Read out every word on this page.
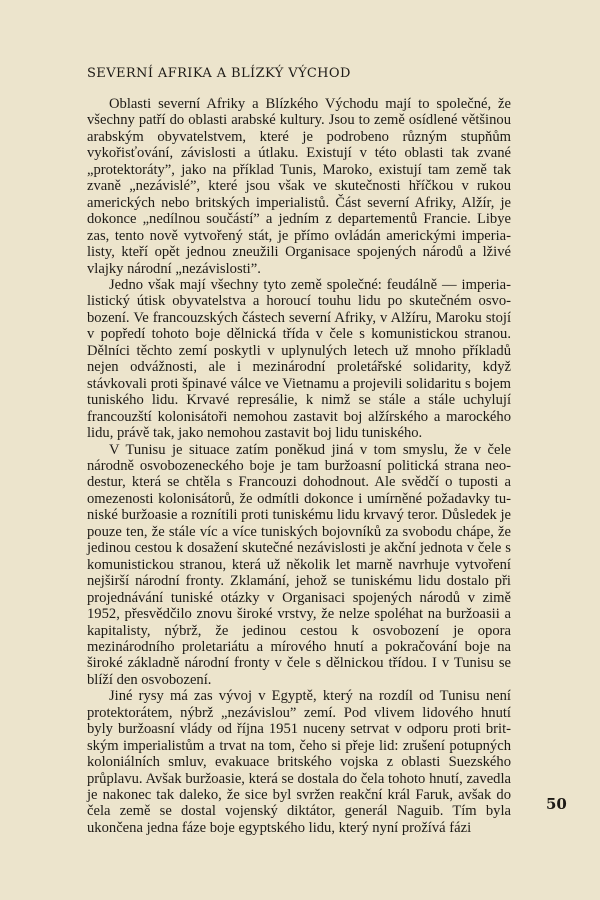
SEVERNÍ AFRIKA A BLÍZKÝ VÝCHOD

Oblasti severní Afriky a Blízkého Východu mají to společné, že všechny patří do oblasti arabské kultury. Jsou to země osídlené většinou arabským obyvatelstvem, které je podrobeno různým stupňům vykořisťování, závislosti a útlaku. Existují v této oblasti tak zvané „protektoráty”, jako na příklad Tunis, Maroko, existují tam země tak zvaně „nezávislé”, které jsou však ve skutečnosti hříčkou v rukou amerických nebo britských imperialistů. Část severní Afriky, Alžír, je dokonce „nedílnou součástí” a jedním z departementů Francie. Libye zas, tento nově vytvořený stát, je přímo ovládán americkými imperialisty, kteří opět jednou zneužili Organisace spojených národů a lživé vlajky národní „nezávislosti”.

Jedno však mají všechny tyto země společné: feudálně — imperialistický útisk obyvatelstva a horoucí touhu lidu po skutečném osvobození. Ve francouzských částech severní Afriky, v Alžíru, Maroku stojí v popředí tohoto boje dělnická třída v čele s komunistickou stranou. Dělníci těchto zemí poskytli v uplynulých letech už mnoho příkladů nejen odvážnosti, ale i mezinárodní proletářské solidarity, když stávkovali proti špinavé válce ve Vietnamu a projevili solidaritu s bojem tuniského lidu. Krvavé represálie, k nimž se stále a stále uchylují francouzští kolonisátoři nemohou zastavit boj alžírského a marockého lidu, právě tak, jako nemohou zastavit boj lidu tuniského.

V Tunisu je situace zatím poněkud jiná v tom smyslu, že v čele národně osvobozeneckého boje je tam buržoasní politická strana neodestur, která se chtěla s Francouzi dohodnout. Ale svědčí o tuposti a omezenosti kolonisátorů, že odmítli dokonce i umírněné požadavky tuniské buržoasie a roznítili proti tuniskému lidu krvavý teror. Důsledek je pouze ten, že stále víc a více tuniských bojovníků za svobodu chápe, že jedinou cestou k dosažení skutečné nezávislosti je akční jednota v čele s komunistickou stranou, která už několik let marně navrhuje vytvoření nejširší národní fronty. Zklamání, jehož se tuniskému lidu dostalo při projednávání tuniské otázky v Organisaci spojených národů v zimě 1952, přesvědčilo znovu široké vrstvy, že nelze spoléhat na buržoasii a kapitalisty, nýbrž, že jedinou cestou k osvobození je opora mezinárodního proletariátu a mírového hnutí a pokračování boje na široké základně národní fronty v čele s dělnickou třídou. I v Tunisu se blíží den osvobození.

Jiné rysy má zas vývoj v Egyptě, který na rozdíl od Tunisu není protektorátem, nýbrž „nezávislou” zemí. Pod vlivem lidového hnutí byly buržoasní vlády od října 1951 nuceny setrvat v odporu proti britským imperialistům a trvat na tom, čeho si přeje lid: zrušení potupných koloniálních smluv, evakuace britského vojska z oblasti Suezského průplavu. Avšak buržoasie, která se dostala do čela tohoto hnutí, zavedla je nakonec tak daleko, že sice byl svržen reakční král Faruk, avšak do čela země se dostal vojenský diktátor, generál Naguib. Tím byla ukončena jedna fáze boje egyptského lidu, který nyní prožívá fázi

50
